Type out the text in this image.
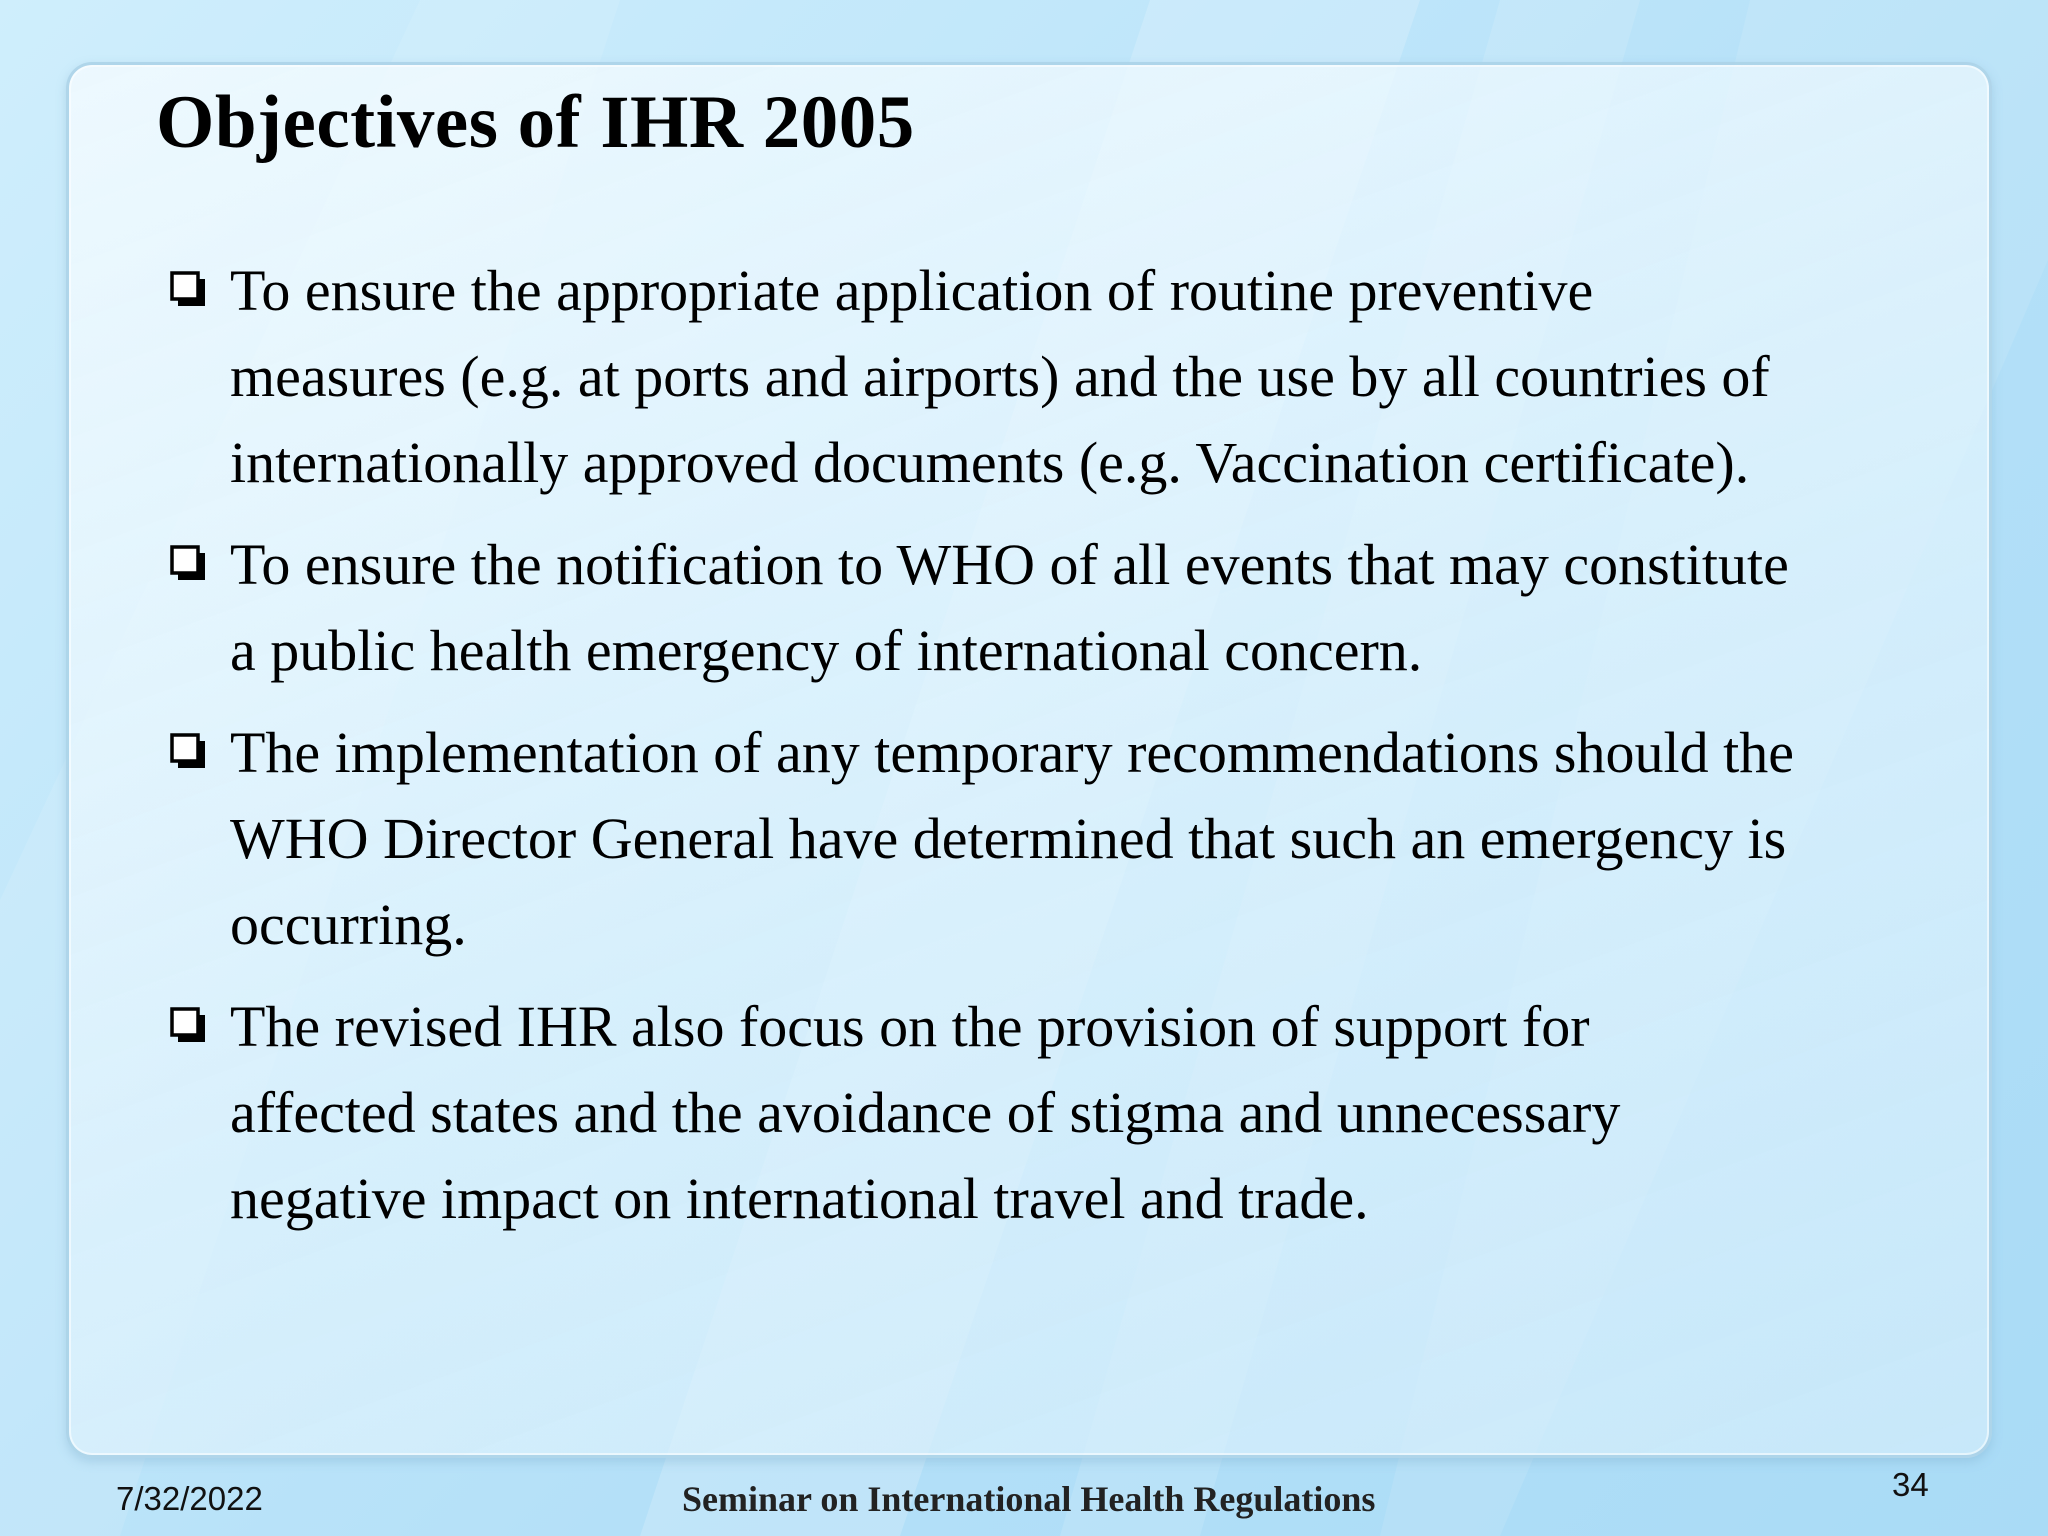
Objectives of IHR 2005
To ensure the appropriate application of routine preventive
measures (e.g. at ports and airports) and the use by all countries of
internationally approved documents (e.g. Vaccination certificate).
To ensure the notification to WHO of all events that may constitute
a public health emergency of international concern.
The implementation of any temporary recommendations should the
WHO Director General have determined that such an emergency is
occurring.
The revised IHR also focus on the provision of support for
affected states and the avoidance of stigma and unnecessary
negative impact on international travel and trade.
7/32/2022	Seminar on International Health Regulations	34
